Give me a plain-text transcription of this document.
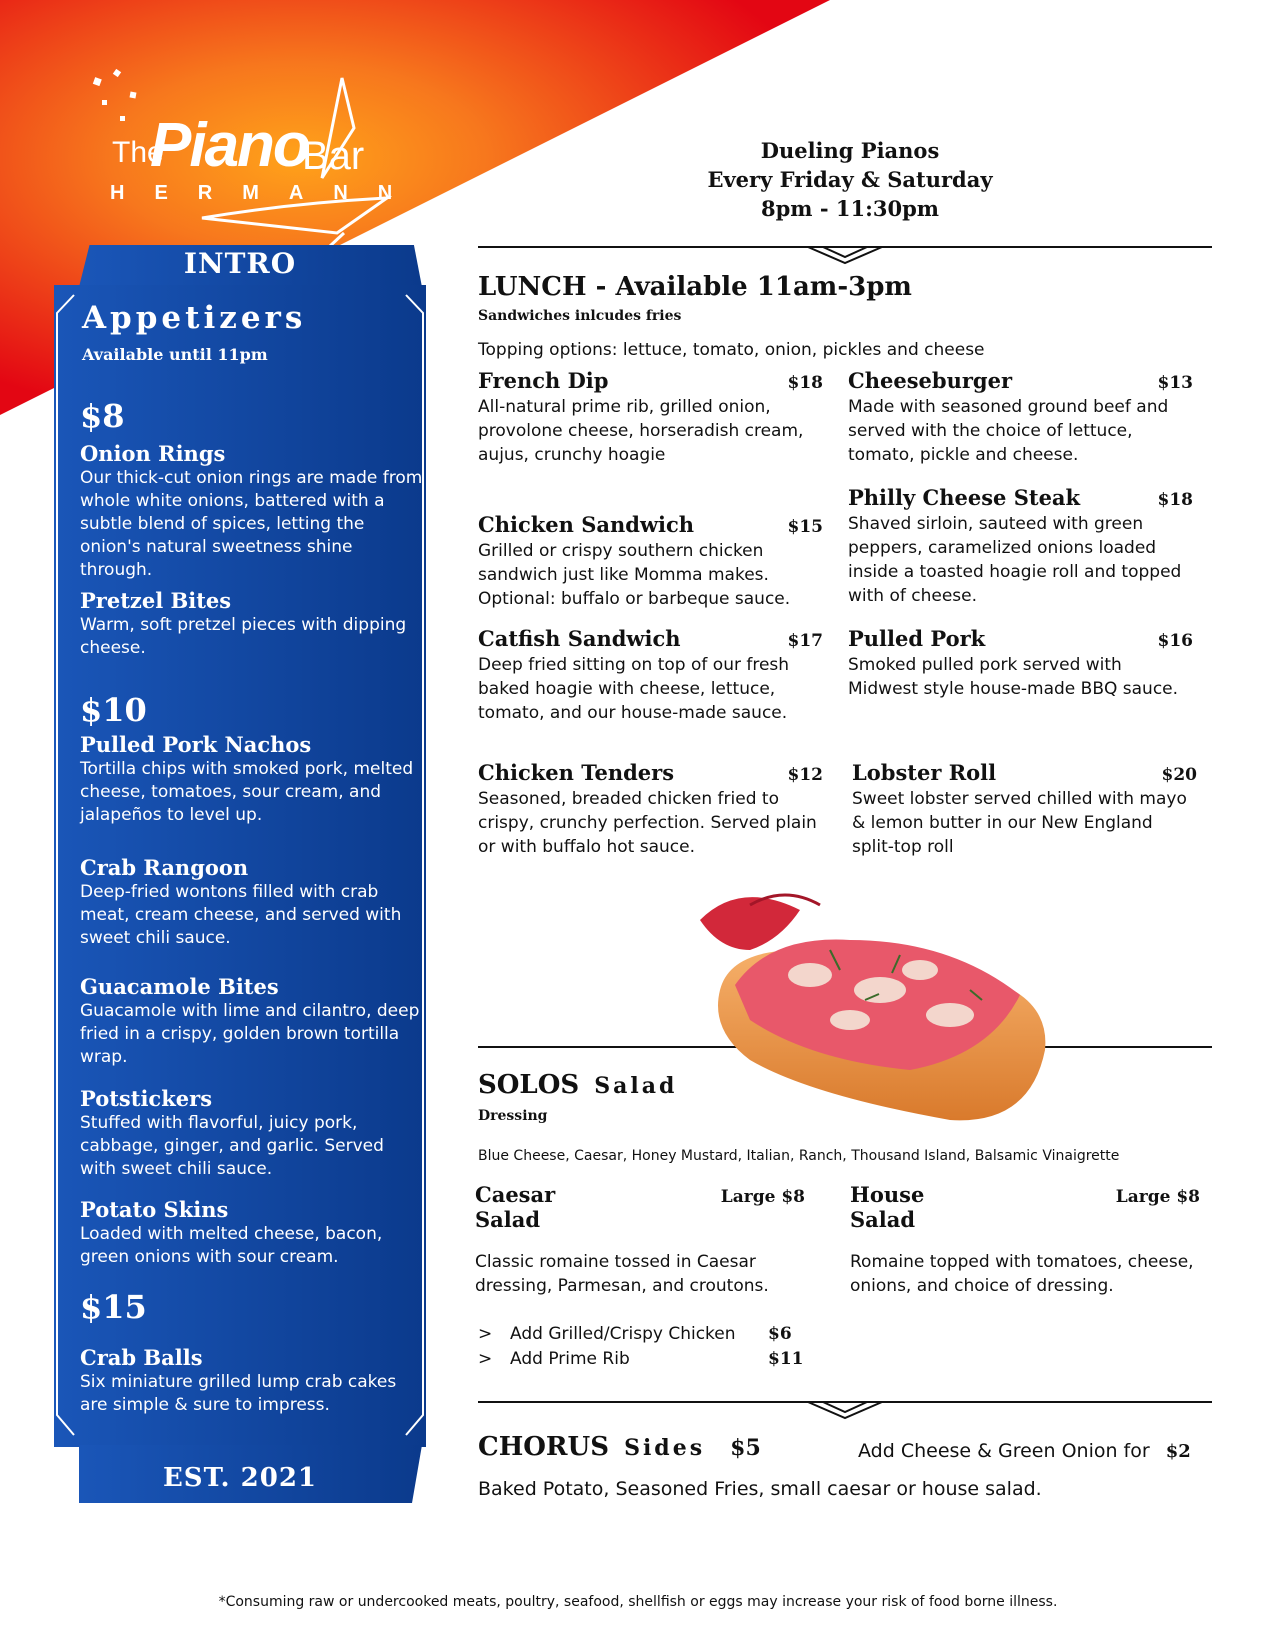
The
Piano
Bar
HERMANN
INTRO
Appetizers
Available until 11pm
$8
Onion Rings
Our thick-cut onion rings are made from whole white onions, battered with a subtle blend of spices, letting the onion's natural sweetness shine through.
Pretzel Bites
Warm, soft pretzel pieces with dipping cheese.
$10
Pulled Pork Nachos
Tortilla chips with smoked pork, melted cheese, tomatoes, sour cream, and jalapeños to level up.
Crab Rangoon
Deep-fried wontons filled with crab meat, cream cheese, and served with sweet chili sauce.
Guacamole Bites
Guacamole with lime and cilantro, deep fried in a crispy, golden brown tortilla wrap.
Potstickers
Stuffed with flavorful, juicy pork, cabbage, ginger, and garlic. Served with sweet chili sauce.
Potato Skins
Loaded with melted cheese, bacon, green onions with sour cream.
$15
Crab Balls
Six miniature grilled lump crab cakes are simple & sure to impress.
EST. 2021
Dueling Pianos
Every Friday & Saturday
8pm - 11:30pm
LUNCH - Available 11am-3pm
Sandwiches inlcudes fries
Topping options: lettuce, tomato, onion, pickles and cheese
French Dip	$18
All-natural prime rib, grilled onion, provolone cheese, horseradish cream, aujus, crunchy hoagie
Cheeseburger	$13
Made with seasoned ground beef and served with the choice of lettuce, tomato, pickle and cheese.
Philly Cheese Steak	$18
Shaved sirloin, sauteed with green peppers, caramelized onions loaded inside a toasted hoagie roll and topped with of cheese.
Chicken Sandwich	$15
Grilled or crispy southern chicken sandwich just like Momma makes. Optional: buffalo or barbeque sauce.
Catfish Sandwich	$17
Deep fried sitting on top of our fresh baked hoagie with cheese, lettuce, tomato, and our house-made sauce.
Pulled Pork	$16
Smoked pulled pork served with Midwest style house-made BBQ sauce.
Chicken Tenders	$12
Seasoned, breaded chicken fried to crispy, crunchy perfection. Served plain or with buffalo hot sauce.
Lobster Roll	$20
Sweet lobster served chilled with mayo & lemon butter in our New England split-top roll
SOLOS Salad
Dressing
Blue Cheese, Caesar, Honey Mustard, Italian, Ranch, Thousand Island, Balsamic Vinaigrette
Caesar	Large $8
Salad
Classic romaine tossed in Caesar dressing, Parmesan, and croutons.
House	Large $8
Salad
Romaine topped with tomatoes, cheese, onions, and choice of dressing.
>	Add Grilled/Crispy Chicken	$6
>	Add Prime Rib	$11
CHORUS Sides $5	Add Cheese & Green Onion for $2
Baked Potato, Seasoned Fries, small caesar or house salad.
*Consuming raw or undercooked meats, poultry, seafood, shellfish or eggs may increase your risk of food borne illness.
